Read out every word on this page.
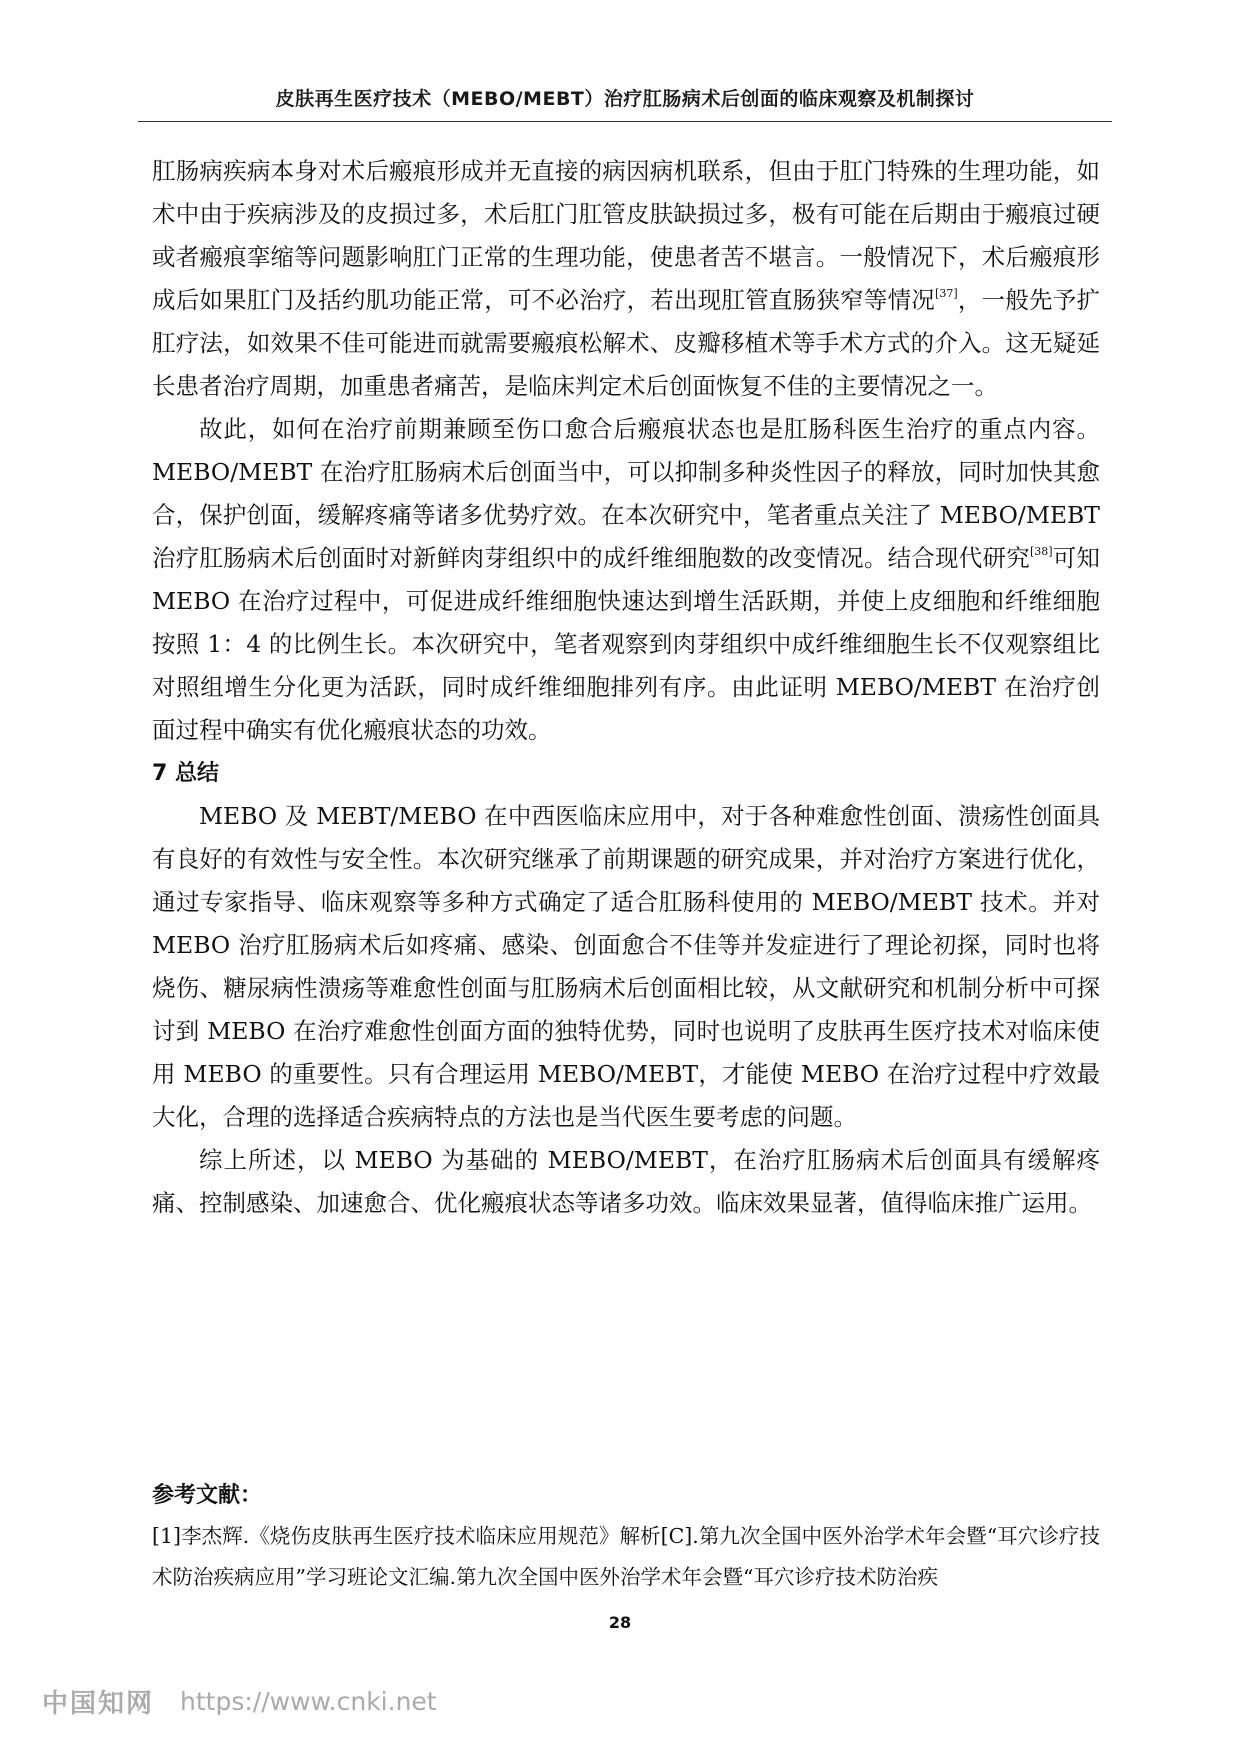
皮肤再生医疗技术（MEBO/MEBT）治疗肛肠病术后创面的临床观察及机制探讨

肛肠病疾病本身对术后瘢痕形成并无直接的病因病机联系，但由于肛门特殊的生理功能，如术中由于疾病涉及的皮损过多，术后肛门肛管皮肤缺损过多，极有可能在后期由于瘢痕过硬或者瘢痕挛缩等问题影响肛门正常的生理功能，使患者苦不堪言。一般情况下，术后瘢痕形成后如果肛门及括约肌功能正常，可不必治疗，若出现肛管直肠狭窄等情况[37]，一般先予扩肛疗法，如效果不佳可能进而就需要瘢痕松解术、皮瓣移植术等手术方式的介入。这无疑延长患者治疗周期，加重患者痛苦，是临床判定术后创面恢复不佳的主要情况之一。

故此，如何在治疗前期兼顾至伤口愈合后瘢痕状态也是肛肠科医生治疗的重点内容。MEBO/MEBT 在治疗肛肠病术后创面当中，可以抑制多种炎性因子的释放，同时加快其愈合，保护创面，缓解疼痛等诸多优势疗效。在本次研究中，笔者重点关注了 MEBO/MEBT 治疗肛肠病术后创面时对新鲜肉芽组织中的成纤维细胞数的改变情况。结合现代研究[38]可知 MEBO 在治疗过程中，可促进成纤维细胞快速达到增生活跃期，并使上皮细胞和纤维细胞按照 1：4 的比例生长。本次研究中，笔者观察到肉芽组织中成纤维细胞生长不仅观察组比对照组增生分化更为活跃，同时成纤维细胞排列有序。由此证明 MEBO/MEBT 在治疗创面过程中确实有优化瘢痕状态的功效。

7 总结

MEBO 及 MEBT/MEBO 在中西医临床应用中，对于各种难愈性创面、溃疡性创面具有良好的有效性与安全性。本次研究继承了前期课题的研究成果，并对治疗方案进行优化，通过专家指导、临床观察等多种方式确定了适合肛肠科使用的 MEBO/MEBT 技术。并对 MEBO 治疗肛肠病术后如疼痛、感染、创面愈合不佳等并发症进行了理论初探，同时也将烧伤、糖尿病性溃疡等难愈性创面与肛肠病术后创面相比较，从文献研究和机制分析中可探讨到 MEBO 在治疗难愈性创面方面的独特优势，同时也说明了皮肤再生医疗技术对临床使用 MEBO 的重要性。只有合理运用 MEBO/MEBT，才能使 MEBO 在治疗过程中疗效最大化，合理的选择适合疾病特点的方法也是当代医生要考虑的问题。

综上所述，以 MEBO 为基础的 MEBO/MEBT，在治疗肛肠病术后创面具有缓解疼痛、控制感染、加速愈合、优化瘢痕状态等诸多功效。临床效果显著，值得临床推广运用。

参考文献：

[1]李杰辉.《烧伤皮肤再生医疗技术临床应用规范》解析[C].第九次全国中医外治学术年会暨“耳穴诊疗技术防治疾病应用”学习班论文汇编.第九次全国中医外治学术年会暨“耳穴诊疗技术防治疾

28
中国知网 https://www.cnki.net
